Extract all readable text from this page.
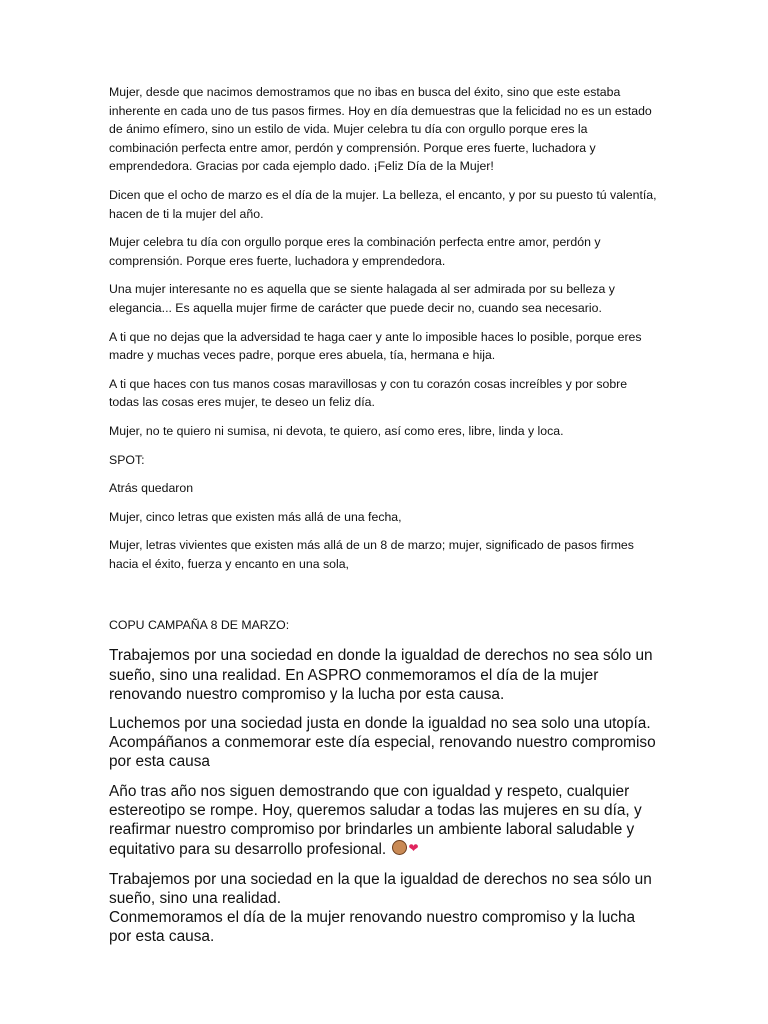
Mujer, desde que nacimos demostramos que no ibas en busca del éxito, sino que este estaba inherente en cada uno de tus pasos firmes. Hoy en día demuestras que la felicidad no es un estado de ánimo efímero, sino un estilo de vida. Mujer celebra tu día con orgullo porque eres la combinación perfecta entre amor, perdón y comprensión. Porque eres fuerte, luchadora y emprendedora. Gracias por cada ejemplo dado. ¡Feliz Día de la Mujer!

Dicen que el ocho de marzo es el día de la mujer. La belleza, el encanto, y por su puesto tú valentía, hacen de ti la mujer del año.

Mujer celebra tu día con orgullo porque eres la combinación perfecta entre amor, perdón y comprensión. Porque eres fuerte, luchadora y emprendedora.

Una mujer interesante no es aquella que se siente halagada al ser admirada por su belleza y elegancia... Es aquella mujer firme de carácter que puede decir no, cuando sea necesario.

A ti que no dejas que la adversidad te haga caer y ante lo imposible haces lo posible, porque eres madre y muchas veces padre, porque eres abuela, tía, hermana e hija.

A ti que haces con tus manos cosas maravillosas y con tu corazón cosas increíbles y por sobre todas las cosas eres mujer, te deseo un feliz día.

Mujer, no te quiero ni sumisa, ni devota, te quiero, así como eres, libre, linda y loca.

SPOT:

Atrás quedaron

Mujer, cinco letras que existen más allá de una fecha,

Mujer, letras vivientes que existen más allá de un 8 de marzo; mujer, significado de pasos firmes hacia el éxito, fuerza y encanto en una sola,

COPU CAMPAÑA 8 DE MARZO:

Trabajemos por una sociedad en donde la igualdad de derechos no sea sólo un sueño, sino una realidad. En ASPRO conmemoramos el día de la mujer renovando nuestro compromiso y la lucha por esta causa.

Luchemos por una sociedad justa en donde la igualdad no sea solo una utopía. Acompáñanos a conmemorar este día especial, renovando nuestro compromiso por esta causa

Año tras año nos siguen demostrando que con igualdad y respeto, cualquier estereotipo se rompe. Hoy, queremos saludar a todas las mujeres en su día, y reafirmar nuestro compromiso por brindarles un ambiente laboral saludable y equitativo para su desarrollo profesional. ❤

Trabajemos por una sociedad en la que la igualdad de derechos no sea sólo un sueño, sino una realidad.

Conmemoramos el día de la mujer renovando nuestro compromiso y la lucha por esta causa.
